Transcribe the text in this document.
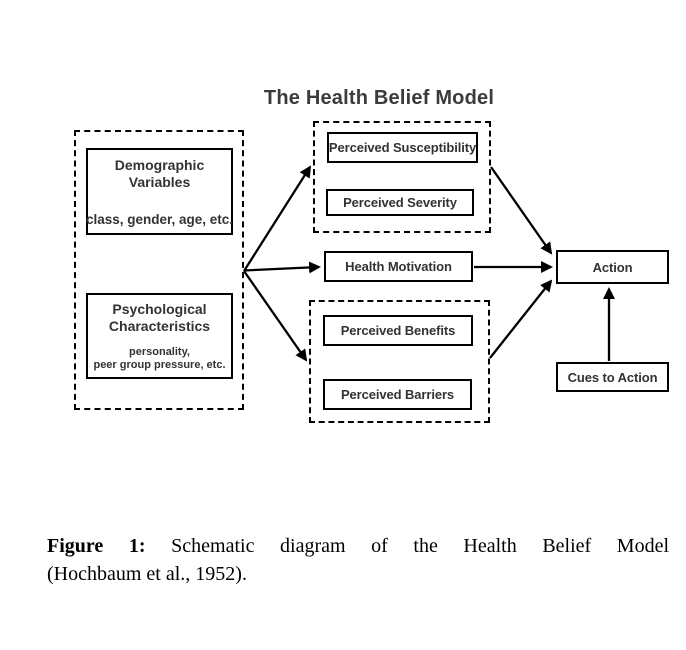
The Health Belief Model
Demographic Variables
class, gender, age, etc.
Psychological Characteristics
personality,
peer group pressure, etc.
Perceived Susceptibility
Perceived Severity
Health Motivation
Perceived Benefits
Perceived Barriers
Action
Cues to Action
Figure 1: Schematic diagram of the Health Belief Model
(Hochbaum et al., 1952).
